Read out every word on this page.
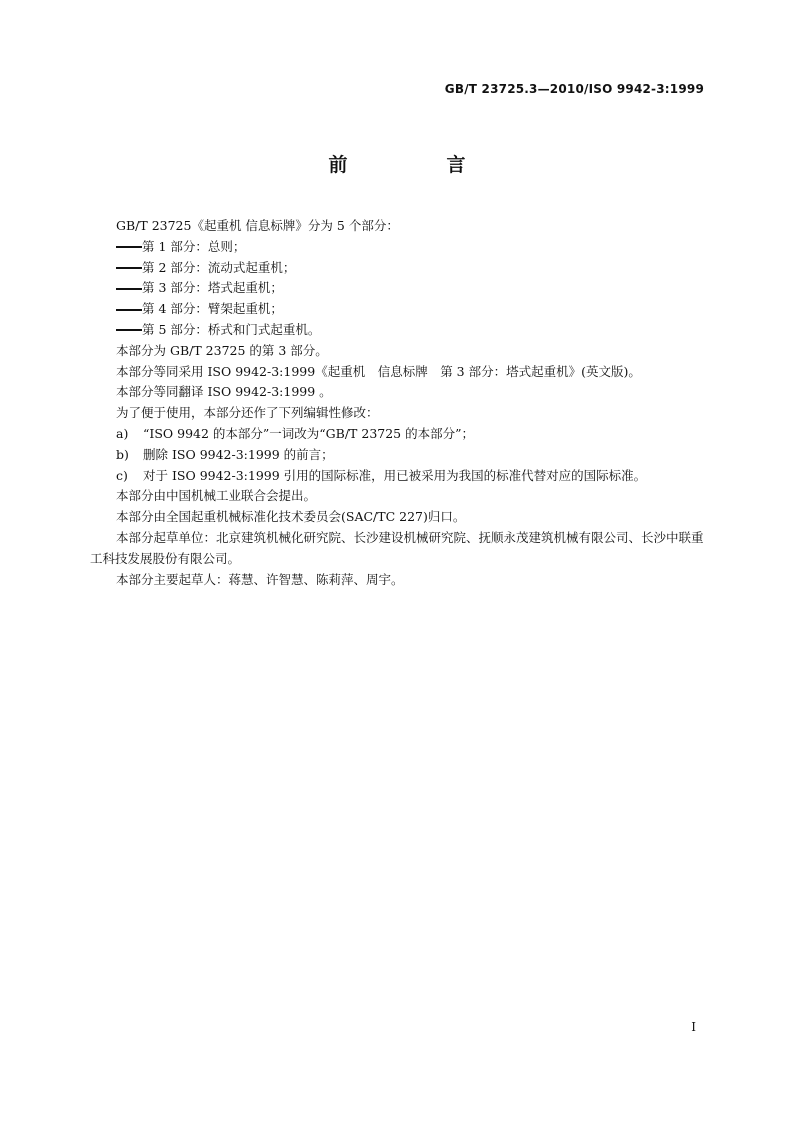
GB/T 23725.3—2010/ISO 9942-3:1999
前　言

GB/T 23725《起重机 信息标牌》分为 5 个部分：

第 1 部分：总则；

第 2 部分：流动式起重机；

第 3 部分：塔式起重机；

第 4 部分：臂架起重机；

第 5 部分：桥式和门式起重机。

本部分为 GB/T 23725 的第 3 部分。

本部分等同采用 ISO 9942-3:1999《起重机　信息标牌　第 3 部分：塔式起重机》(英文版)。

本部分等同翻译 ISO 9942-3:1999 。

为了便于使用，本部分还作了下列编辑性修改：

a) “ISO 9942 的本部分”一词改为“GB/T 23725 的本部分”；

b) 删除 ISO 9942-3:1999 的前言；

c) 对于 ISO 9942-3:1999 引用的国际标准，用已被采用为我国的标准代替对应的国际标准。

本部分由中国机械工业联合会提出。

本部分由全国起重机械标准化技术委员会(SAC/TC 227)归口。

本部分起草单位：北京建筑机械化研究院、长沙建设机械研究院、抚顺永茂建筑机械有限公司、长沙中联重工科技发展股份有限公司。

本部分主要起草人：蒋慧、许智慧、陈莉萍、周宇。

I
